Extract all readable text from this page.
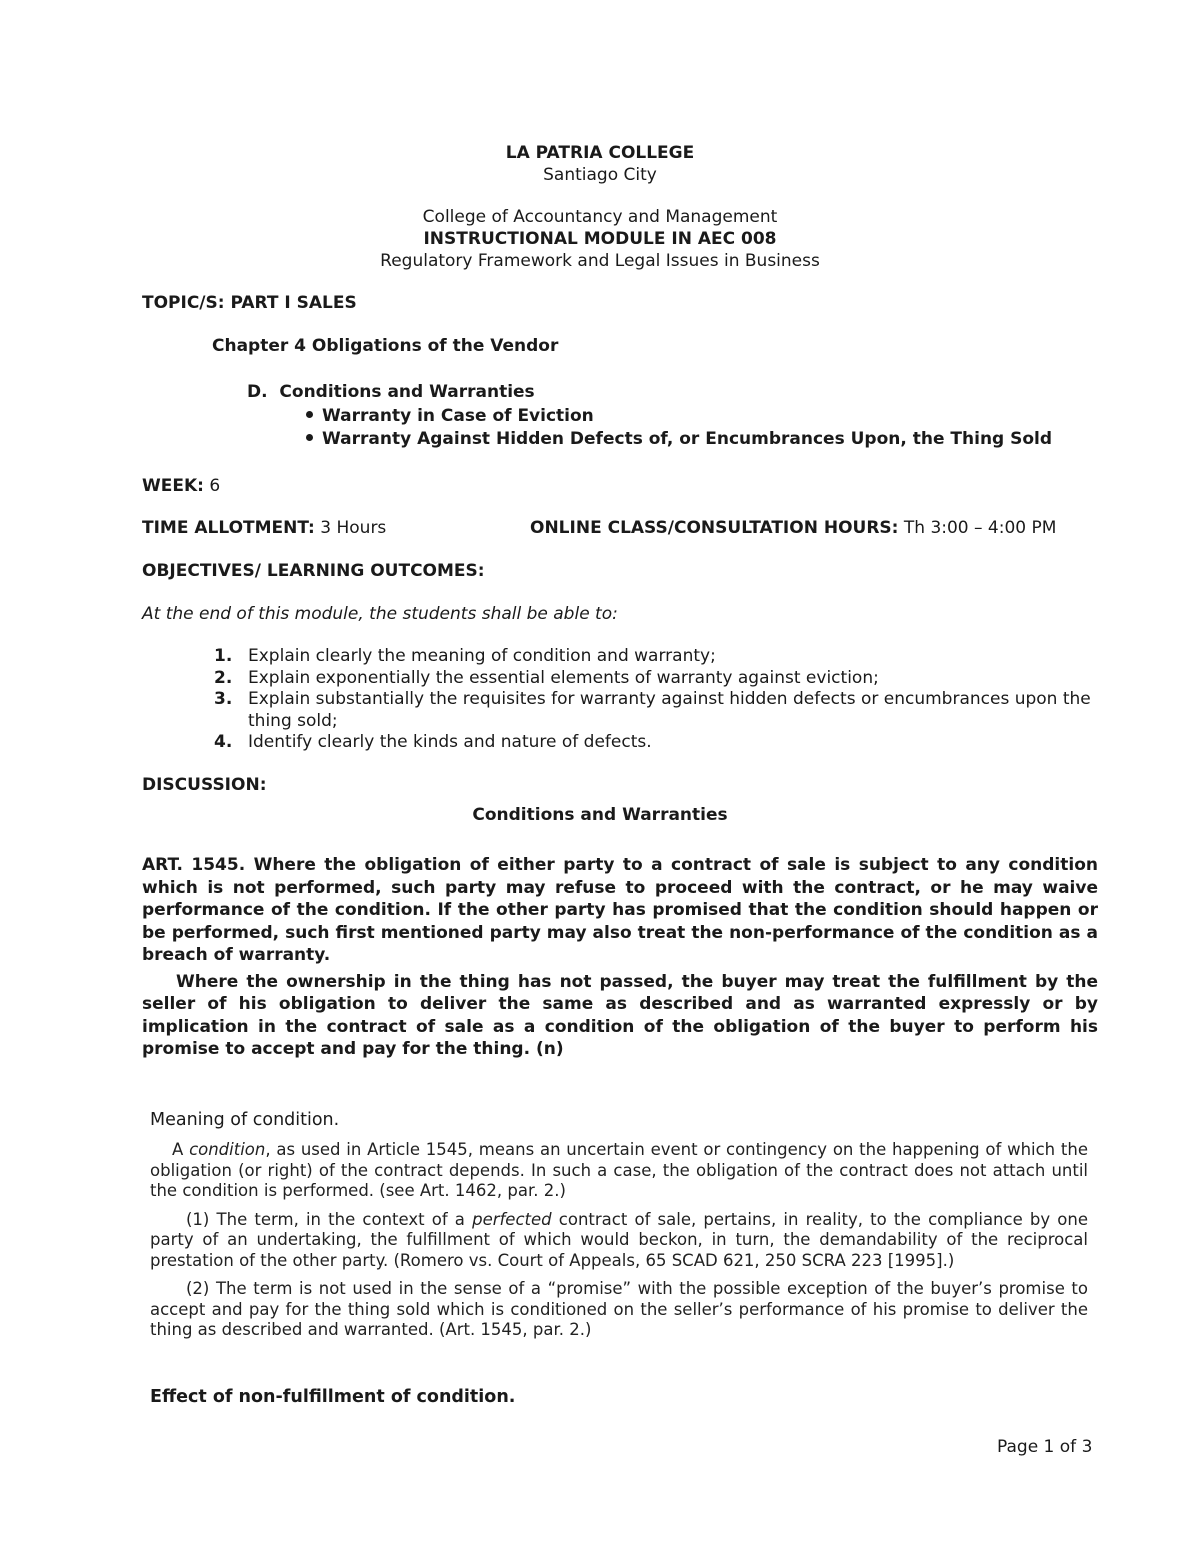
LA PATRIA COLLEGE
Santiago City
College of Accountancy and Management
INSTRUCTIONAL MODULE IN AEC 008
Regulatory Framework and Legal Issues in Business
TOPIC/S: PART I SALES
Chapter 4 Obligations of the Vendor
D. Conditions and Warranties
Warranty in Case of Eviction
Warranty Against Hidden Defects of, or Encumbrances Upon, the Thing Sold
WEEK: 6
TIME ALLOTMENT: 3 Hours	ONLINE CLASS/CONSULTATION HOURS: Th 3:00 – 4:00 PM
OBJECTIVES/ LEARNING OUTCOMES:
At the end of this module, the students shall be able to:
1. Explain clearly the meaning of condition and warranty;
2. Explain exponentially the essential elements of warranty against eviction;
3. Explain substantially the requisites for warranty against hidden defects or encumbrances upon the thing sold;
4. Identify clearly the kinds and nature of defects.
DISCUSSION:
Conditions and Warranties

ART. 1545. Where the obligation of either party to a contract of sale is subject to any condition which is not performed, such party may refuse to proceed with the contract, or he may waive performance of the condition. If the other party has promised that the condition should happen or be performed, such first mentioned party may also treat the non-performance of the condition as a breach of warranty.

Where the ownership in the thing has not passed, the buyer may treat the fulfillment by the seller of his obligation to deliver the same as described and as warranted expressly or by implication in the contract of sale as a condition of the obligation of the buyer to perform his promise to accept and pay for the thing. (n)

Meaning of condition.

A condition, as used in Article 1545, means an uncertain event or contingency on the happening of which the obligation (or right) of the contract depends. In such a case, the obligation of the contract does not attach until the condition is performed. (see Art. 1462, par. 2.)

(1) The term, in the context of a perfected contract of sale, pertains, in reality, to the compliance by one party of an undertaking, the fulfillment of which would beckon, in turn, the demandability of the reciprocal prestation of the other party. (Romero vs. Court of Appeals, 65 SCAD 621, 250 SCRA 223 [1995].)

(2) The term is not used in the sense of a “promise” with the possible exception of the buyer’s promise to accept and pay for the thing sold which is conditioned on the seller’s performance of his promise to deliver the thing as described and warranted. (Art. 1545, par. 2.)

Effect of non-fulfillment of condition.
Page 1 of 3
